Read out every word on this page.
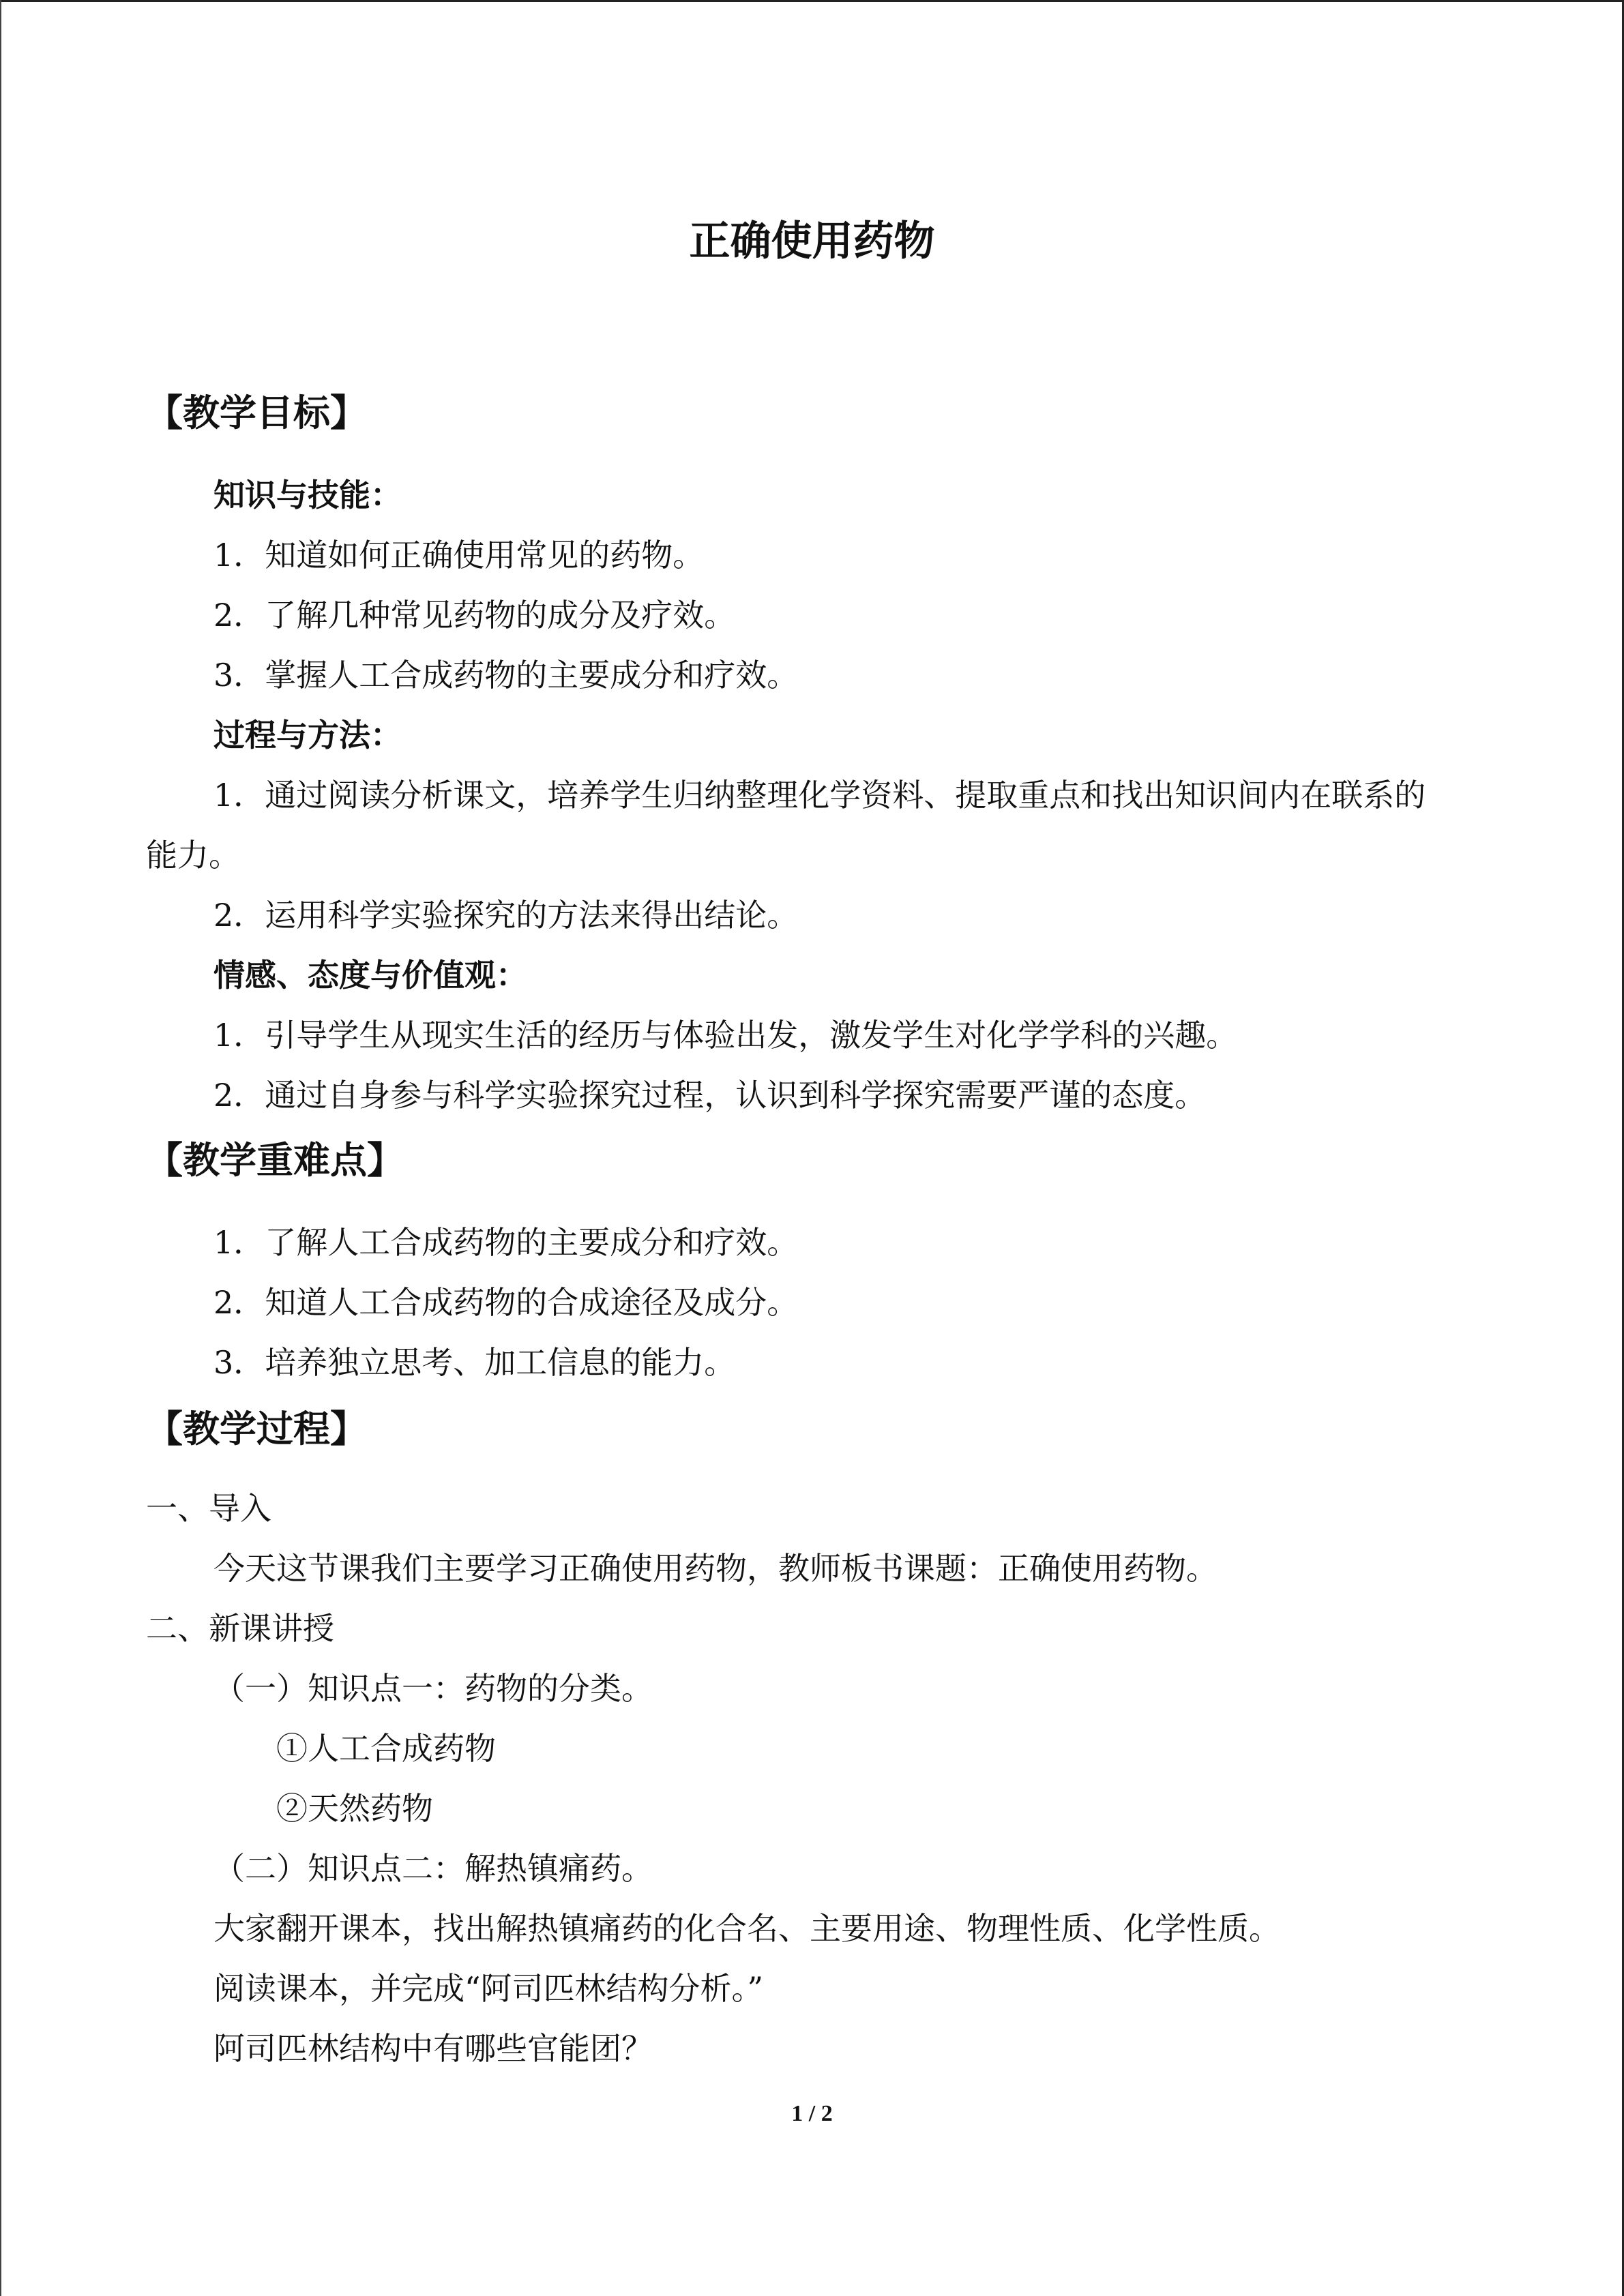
正确使用药物
【教学目标】
知识与技能：
1．知道如何正确使用常见的药物。
2．了解几种常见药物的成分及疗效。
3．掌握人工合成药物的主要成分和疗效。
过程与方法：
1．通过阅读分析课文，培养学生归纳整理化学资料、提取重点和找出知识间内在联系的
能力。
2．运用科学实验探究的方法来得出结论。
情感、态度与价值观：
1．引导学生从现实生活的经历与体验出发，激发学生对化学学科的兴趣。
2．通过自身参与科学实验探究过程，认识到科学探究需要严谨的态度。
【教学重难点】
1．了解人工合成药物的主要成分和疗效。
2．知道人工合成药物的合成途径及成分。
3．培养独立思考、加工信息的能力。
【教学过程】
一、导入
今天这节课我们主要学习正确使用药物，教师板书课题：正确使用药物。
二、新课讲授
（一）知识点一：药物的分类。
①人工合成药物
②天然药物
（二）知识点二：解热镇痛药。
大家翻开课本，找出解热镇痛药的化合名、主要用途、物理性质、化学性质。
阅读课本，并完成“阿司匹林结构分析。”
阿司匹林结构中有哪些官能团？
1 / 2
